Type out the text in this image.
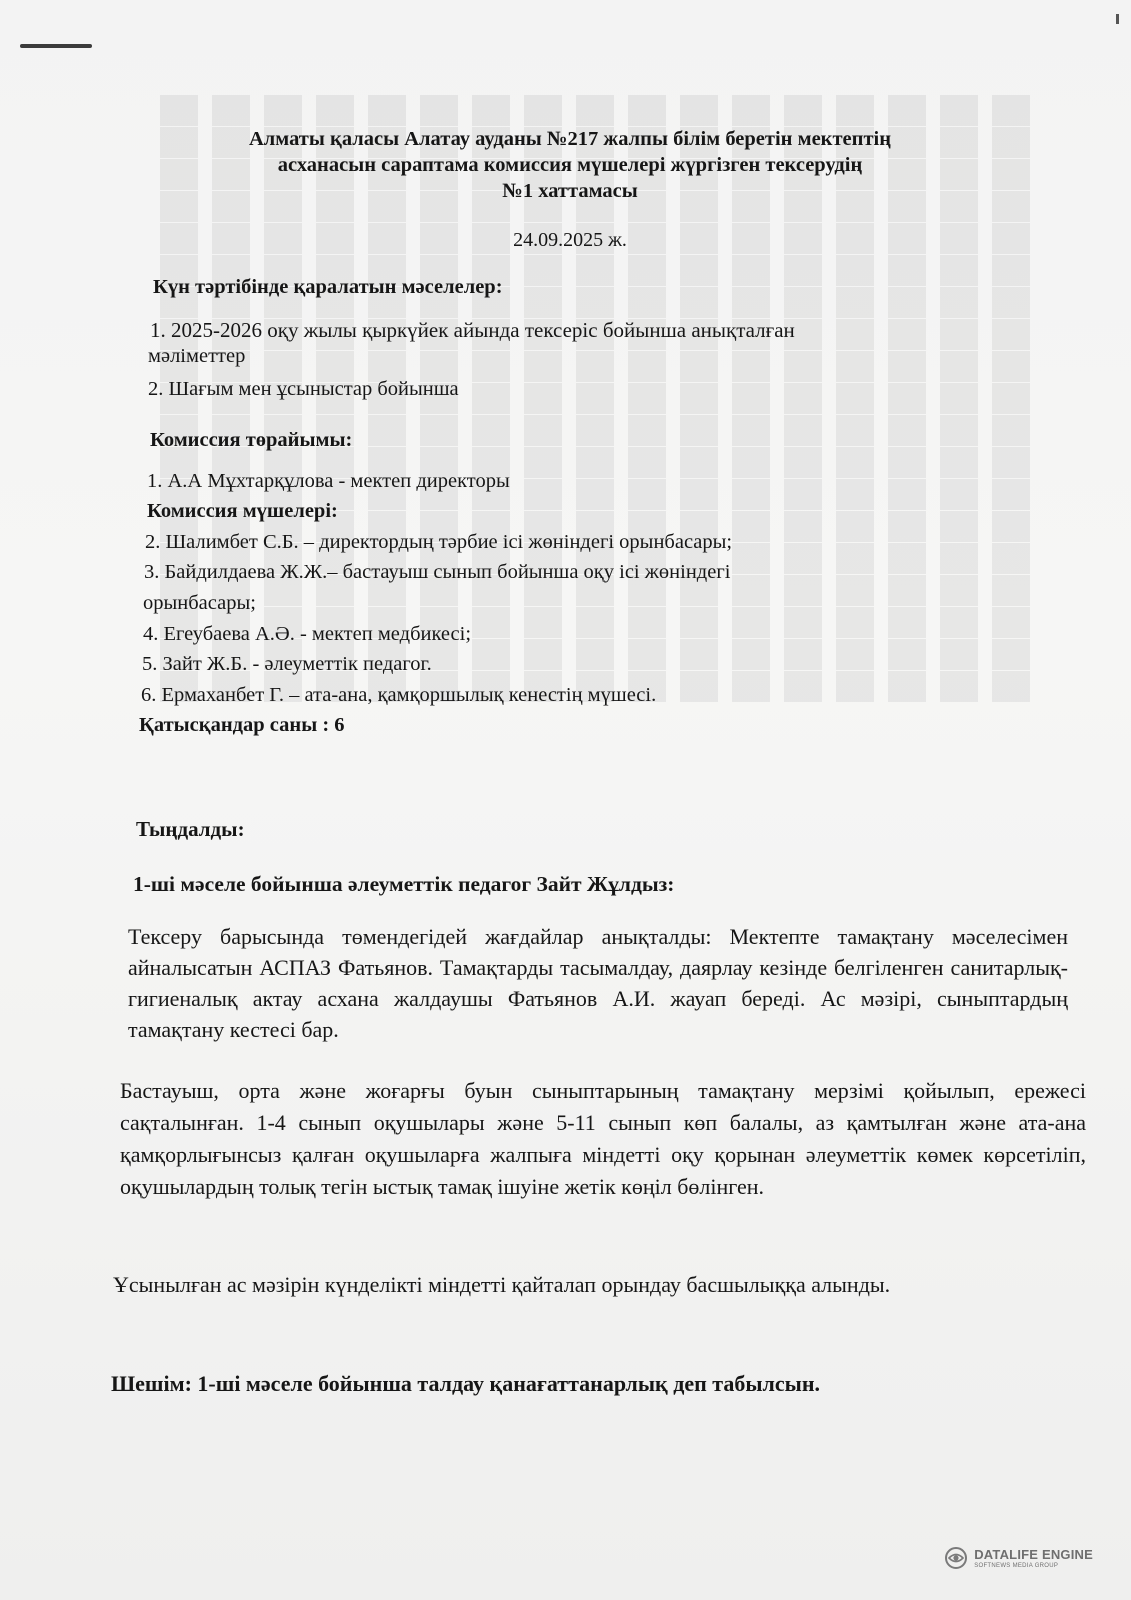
Алматы қаласы Алатау ауданы №217 жалпы білім беретін мектептің
асханасын сараптама комиссия мүшелері жүргізген тексерудің
№1 хаттамасы
24.09.2025 ж.
Күн тәртібінде қаралатын мәселелер:
1. 2025-2026 оқу жылы қыркүйек айында тексеріс бойынша анықталған
мәліметтер
2. Шағым мен ұсыныстар бойынша
Комиссия төрайымы:
1. А.А Мұхтарқұлова - мектеп директоры
Комиссия мүшелері:
2. Шалимбет С.Б. – директордың тәрбие ісі жөніндегі орынбасары;
3. Байдилдаева Ж.Ж.– бастауыш сынып бойынша оқу ісі жөніндегі
орынбасары;
4. Егеубаева А.Ә. - мектеп медбикесі;
5. Зайт Ж.Б. - әлеуметтік педагог.
6. Ермаханбет Г. – ата-ана, қамқоршылық кенестің мүшесі.
Қатысқандар саны : 6
Тыңдалды:
1-ші мәселе бойынша әлеуметтік педагог Зайт Жұлдыз:
Тексеру барысында төмендегідей жағдайлар анықталды: Мектепте тамақтану мәселесімен айналысатын АСПАЗ Фатьянов. Тамақтарды тасымалдау, даярлау кезінде белгіленген санитарлық-гигиеналық актау асхана жалдаушы Фатьянов А.И. жауап береді. Ас мәзірі, сыныптардың тамақтану кестесі бар.
Бастауыш, орта және жоғарғы буын сыныптарының тамақтану мерзімі қойылып, ережесі сақталынған. 1-4 сынып оқушылары және 5-11 сынып көп балалы, аз қамтылған және ата-ана қамқорлығынсыз қалған оқушыларға жалпыға міндетті оқу қорынан әлеуметтік көмек көрсетіліп, оқушылардың толық тегін ыстық тамақ ішуіне жетік көңіл бөлінген.
Ұсынылған ас мәзірін күнделікті міндетті қайталап орындау басшылыққа алынды.
Шешім: 1-ші мәселе бойынша талдау қанағаттанарлық деп табылсын.
DATALIFE ENGINE
SOFTNEWS MEDIA GROUP
